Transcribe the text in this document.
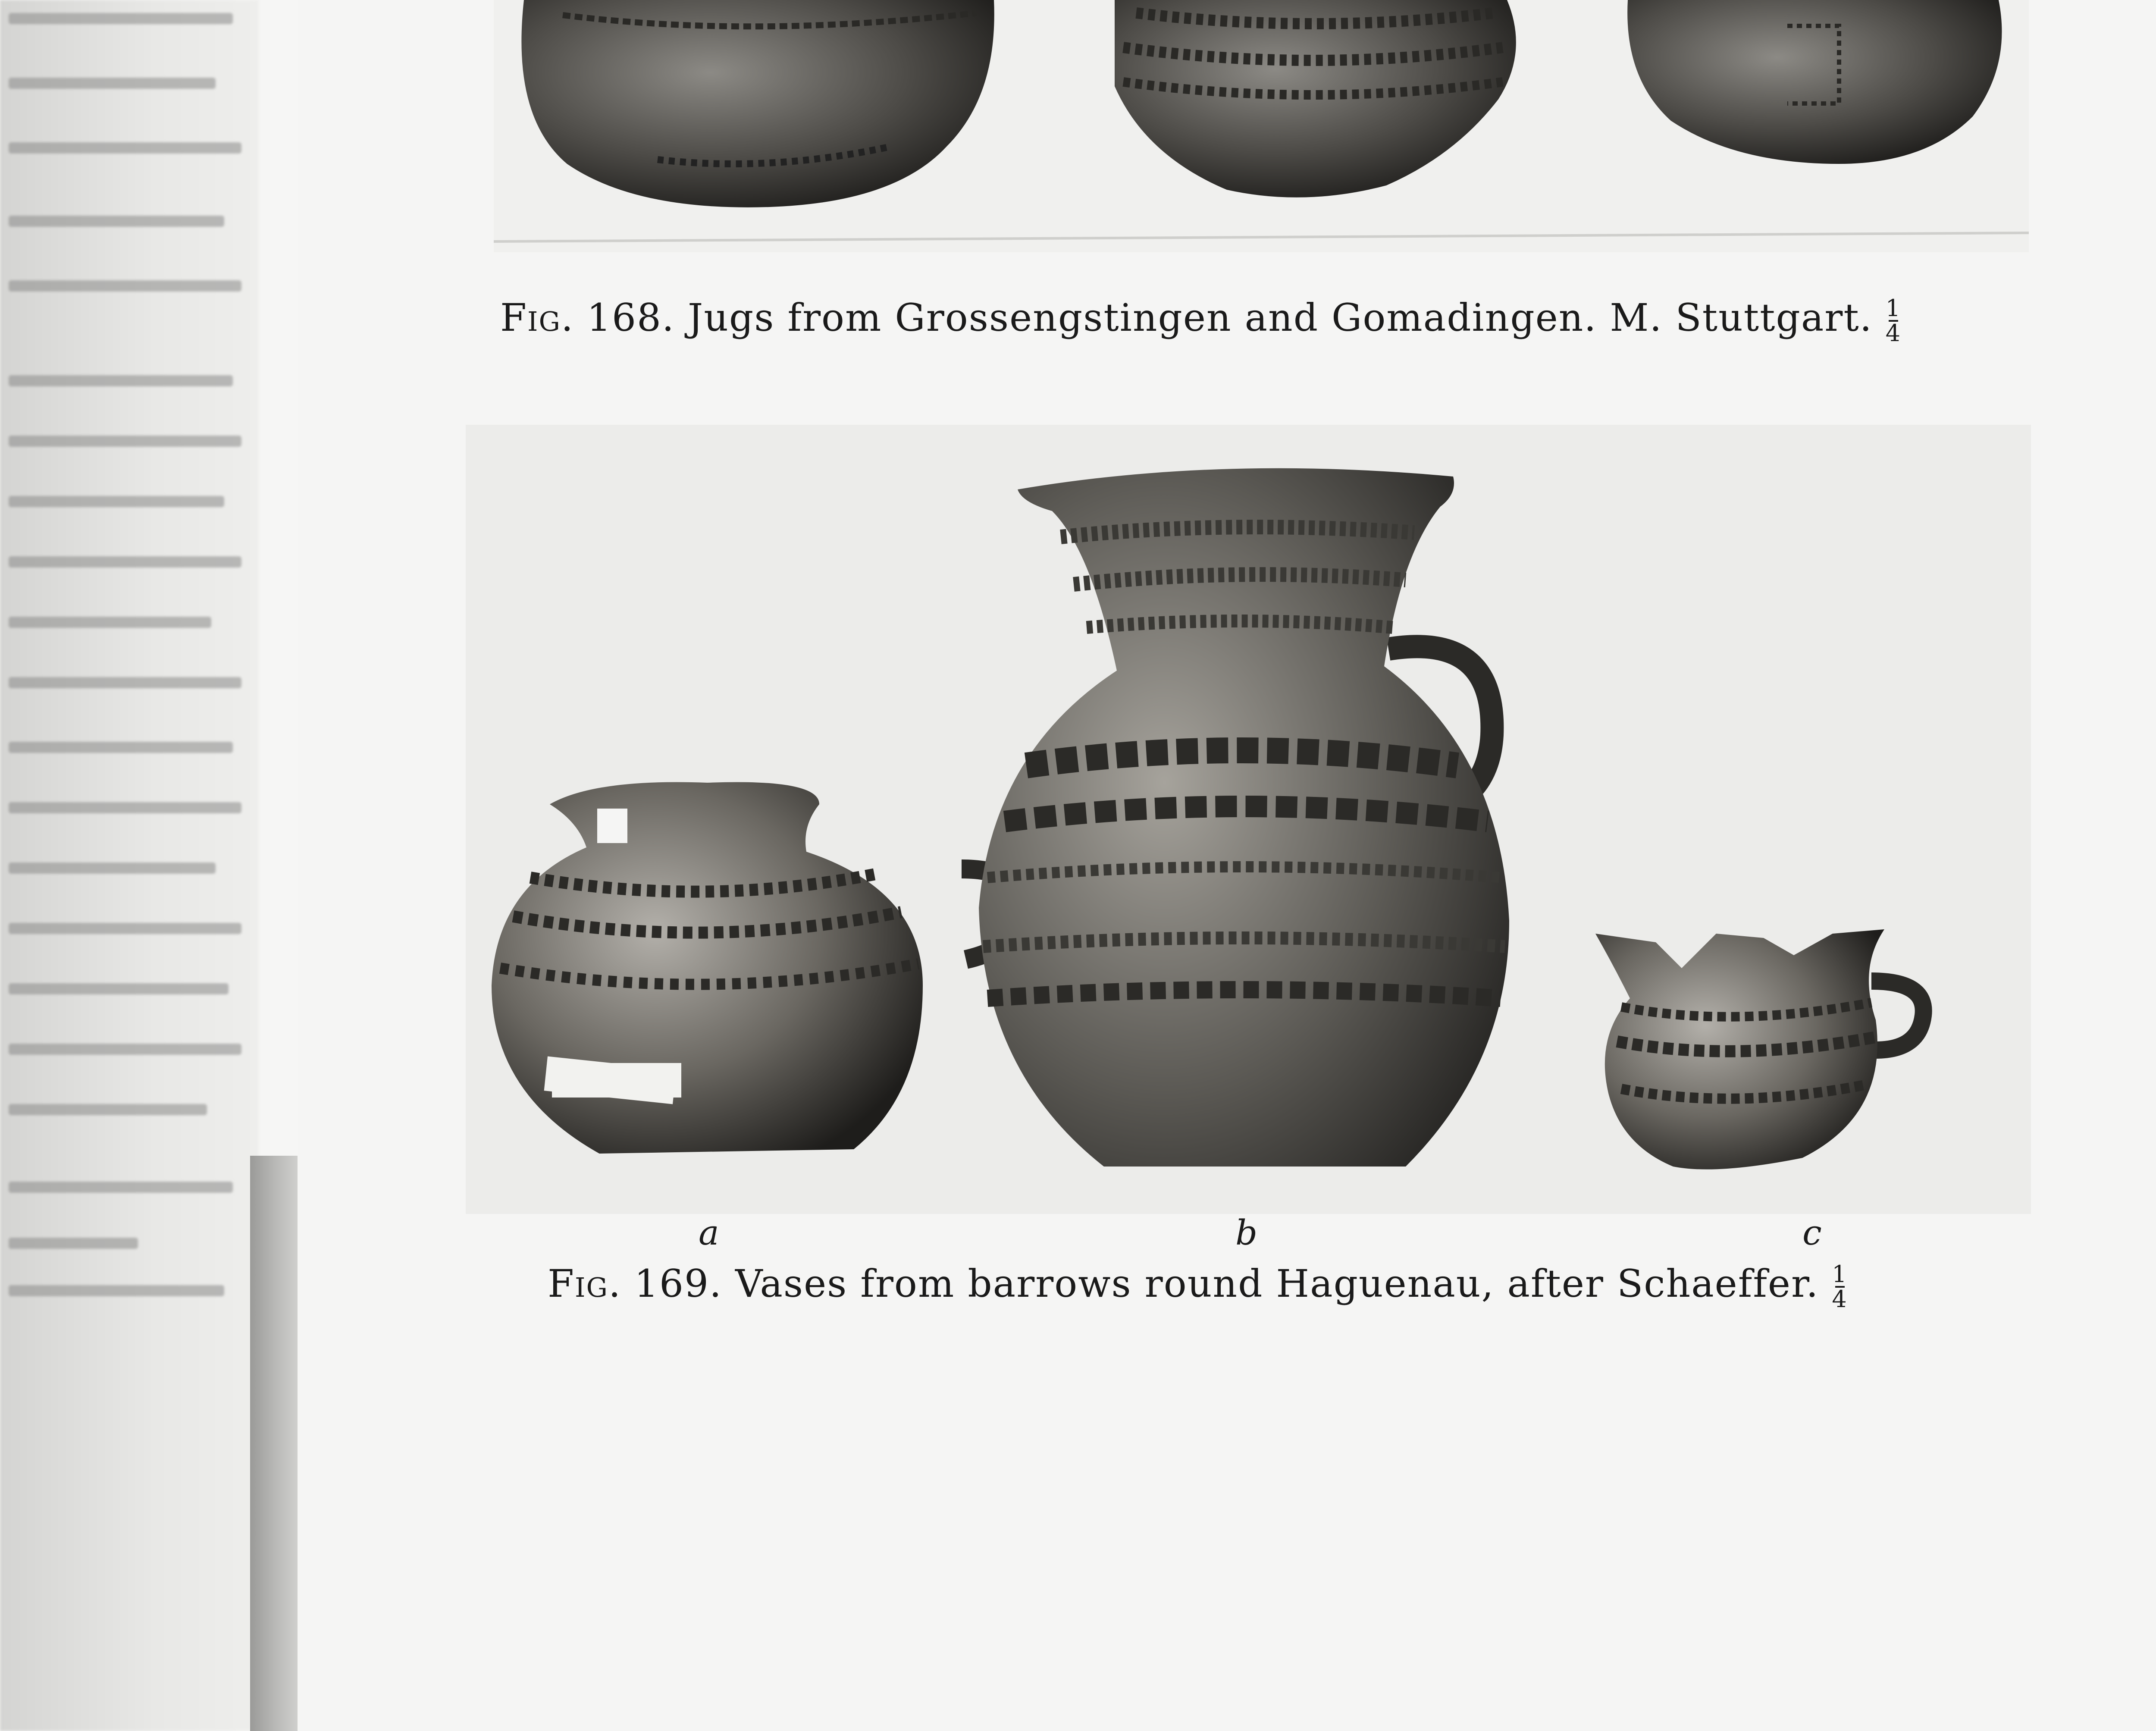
Fig. 168. Jugs from Grossengstingen and Gomadingen. M. Stuttgart. $\frac{1}{4}$
a	b	c
Fig. 169. Vases from barrows round Haguenau, after Schaeffer. $\frac{1}{4}$
